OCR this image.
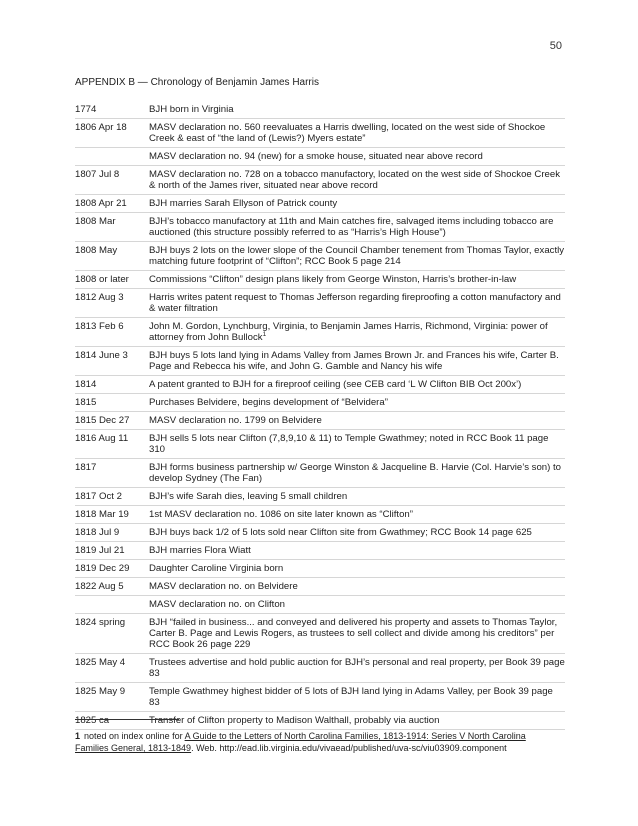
50
APPENDIX B — Chronology of Benjamin James Harris
1774	BJH born in Virginia
1806 Apr 18	MASV declaration no. 560 reevaluates a Harris dwelling, located on the west side of Shockoe Creek & east of “the land of (Lewis?) Myers estate”
MASV declaration no. 94 (new) for a smoke house, situated near above record
1807 Jul 8	MASV declaration no. 728 on a tobacco manufactory, located on the west side of Shockoe Creek & north of the James river, situated near above record
1808 Apr 21	BJH marries Sarah Ellyson of Patrick county
1808 Mar	BJH’s tobacco manufactory at 11th and Main catches fire, salvaged items including tobacco are auctioned (this structure possibly referred to as “Harris’s High House”)
1808 May	BJH buys 2 lots on the lower slope of the Council Chamber tenement from Thomas Taylor, exactly matching future footprint of “Clifton”; RCC Book 5 page 214
1808 or later	Commissions “Clifton” design plans likely from George Winston, Harris’s brother-in-law
1812 Aug 3	Harris writes patent request to Thomas Jefferson regarding fireproofing a cotton manufactory and & water filtration
1813 Feb 6	John M. Gordon, Lynchburg, Virginia, to Benjamin James Harris, Richmond, Virginia: power of attorney from John Bullock$^1$
1814 June 3	BJH buys 5 lots land lying in Adams Valley from James Brown Jr. and Frances his wife, Carter B. Page and Rebecca his wife, and John G. Gamble and Nancy his wife
1814	A patent granted to BJH for a fireproof ceiling (see CEB card ‘L W Clifton BIB Oct 200x’)
1815	Purchases Belvidere, begins development of “Belvidera”
1815 Dec 27	MASV declaration no. 1799 on Belvidere
1816 Aug 11	BJH sells 5 lots near Clifton (7,8,9,10 & 11) to Temple Gwathmey; noted in RCC Book 11 page 310
1817	BJH forms business partnership w/ George Winston & Jacqueline B. Harvie (Col. Harvie’s son) to develop Sydney (The Fan)
1817 Oct 2	BJH’s wife Sarah dies, leaving 5 small children
1818 Mar 19	1st MASV declaration no. 1086 on site later known as “Clifton”
1818 Jul 9	BJH buys back 1/2 of 5 lots sold near Clifton site from Gwathmey; RCC Book 14 page 625
1819 Jul 21	BJH marries Flora Wiatt
1819 Dec 29	Daughter Caroline Virginia born
1822 Aug 5	MASV declaration no. on Belvidere
MASV declaration no. on Clifton
1824 spring	BJH “failed in business... and conveyed and delivered his property and assets to Thomas Taylor, Carter B. Page and Lewis Rogers, as trustees to sell collect and divide among his creditors” per RCC Book 26 page 229
1825 May 4	Trustees advertise and hold public auction for BJH’s personal and real property, per Book 39 page 83
1825 May 9	Temple Gwathmey highest bidder of 5 lots of BJH land lying in Adams Valley, per Book 39 page 83
1825 ca	Transfer of Clifton property to Madison Walthall, probably via auction
1 noted on index online for A Guide to the Letters of North Carolina Families, 1813-1914: Series V North Carolina Families General, 1813-1849. Web. http://ead.lib.virginia.edu/vivaead/published/uva-sc/viu03909.component
